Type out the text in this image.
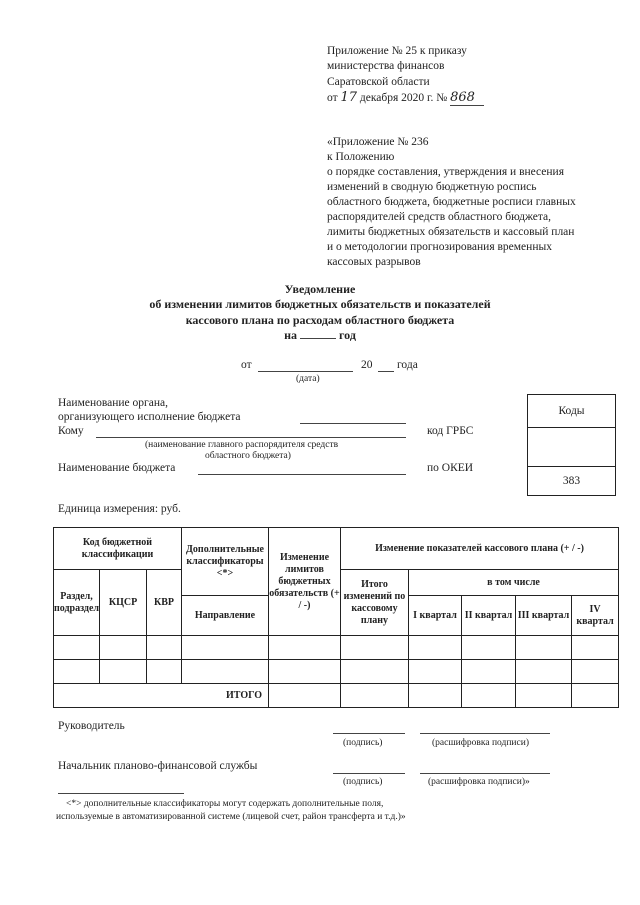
Приложение № 25 к приказу
министерства финансов
Саратовской области
от 17 декабря 2020 г. № 868
«Приложение № 236
к Положению
о порядке составления, утверждения и внесения
изменений в сводную бюджетную роспись
областного бюджета, бюджетные росписи главных
распорядителей средств областного бюджета,
лимиты бюджетных обязательств и кассовый план
и о методологии прогнозирования временных
кассовых разрывов
Уведомление
об изменении лимитов бюджетных обязательств и показателей
кассового плана по расходам областного бюджета
на	год
от	20 года
(дата)
Наименование органа,
организующего исполнение бюджета
Кому
(наименование главного распорядителя средств
областного бюджета)
код ГРБС
Наименование бюджета	по ОКЕИ
Коды

383
Единица измерения: руб.
Код бюджетной классификации			Дополнительные классификаторы <*>	Изменение лимитов бюджетных обязательств (+ / -)	Изменение показателей кассового плана (+ / -)				
Раздел, подраздел	КЦСР	КВР			Итого изменений по кассовому плану	в том числе			
			Направление			I квартал	II квартал	III квартал	IV квартал

ИТОГО									
Руководитель
(подпись)	(расшифровка подписи)
Начальник планово-финансовой службы
(подпись)	(расшифровка подписи)»
<*> дополнительные классификаторы могут содержать дополнительные поля,
используемые в автоматизированной системе (лицевой счет, район трансферта и т.д.)»
